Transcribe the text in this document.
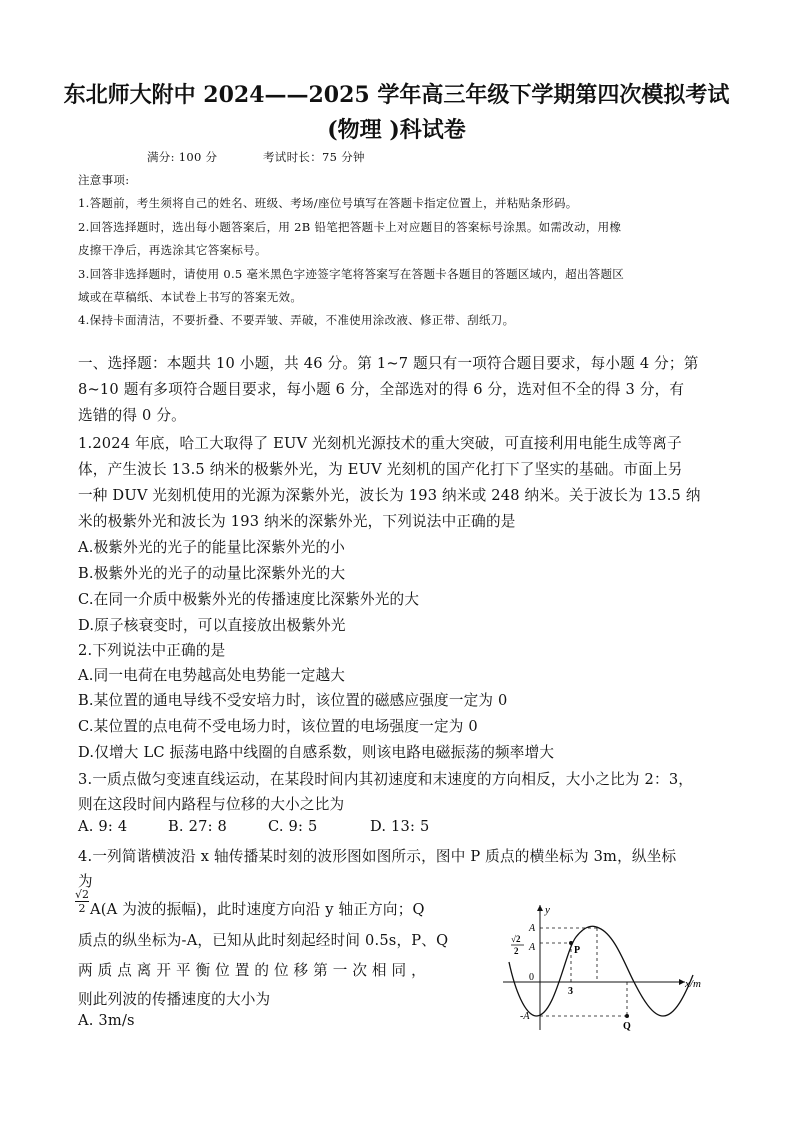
东北师大附中 2024——2025 学年高三年级下学期第四次模拟考试
(物理 )科试卷
满分: 100 分	考试时长：75 分钟
注意事项:
1.答题前，考生须将自己的姓名、班级、考场/座位号填写在答题卡指定位置上，并粘贴条形码。
2.回答选择题时，选出每小题答案后，用 2B 铅笔把答题卡上对应题目的答案标号涂黑。如需改动，用橡
皮擦干净后，再选涂其它答案标号。
3.回答非选择题时，请使用 0.5 毫米黑色字迹签字笔将答案写在答题卡各题目的答题区域内，超出答题区
域或在草稿纸、本试卷上书写的答案无效。
4.保持卡面清洁，不要折叠、不要弄皱、弄破，不准使用涂改液、修正带、刮纸刀。
一、选择题：本题共 10 小题，共 46 分。第 1~7 题只有一项符合题目要求，每小题 4 分；第
8~10 题有多项符合题目要求，每小题 6 分，全部选对的得 6 分，选对但不全的得 3 分，有
选错的得 0 分。
1.2024 年底，哈工大取得了 EUV 光刻机光源技术的重大突破，可直接利用电能生成等离子
体，产生波长 13.5 纳米的极紫外光，为 EUV 光刻机的国产化打下了坚实的基础。市面上另
一种 DUV 光刻机使用的光源为深紫外光，波长为 193 纳米或 248 纳米。关于波长为 13.5 纳
米的极紫外光和波长为 193 纳米的深紫外光，下列说法中正确的是
A.极紫外光的光子的能量比深紫外光的小
B.极紫外光的光子的动量比深紫外光的大
C.在同一介质中极紫外光的传播速度比深紫外光的大
D.原子核衰变时，可以直接放出极紫外光
2.下列说法中正确的是
A.同一电荷在电势越高处电势能一定越大
B.某位置的通电导线不受安培力时，该位置的磁感应强度一定为 0
C.某位置的点电荷不受电场力时，该位置的电场强度一定为 0
D.仅增大 LC 振荡电路中线圈的自感系数，则该电路电磁振荡的频率增大
3.一质点做匀变速直线运动，在某段时间内其初速度和末速度的方向相反，大小之比为 2：3，
则在这段时间内路程与位移的大小之比为
A. 9: 4	B. 27: 8	C. 9: 5	D. 13: 5
4.一列简谐横波沿 x 轴传播某时刻的波形图如图所示，图中 P 质点的横坐标为 3m，纵坐标
为
√2
2 A(A 为波的振幅)，此时速度方向沿 y 轴正方向；Q
质点的纵坐标为-A，已知从此时刻起经时间 0.5s，P、Q
两质点离开平衡位置的位移第一次相同，
则此列波的传播速度的大小为
A. 3m/s
y
x/m
0
A
√2
2 A
-A
P
Q
3
